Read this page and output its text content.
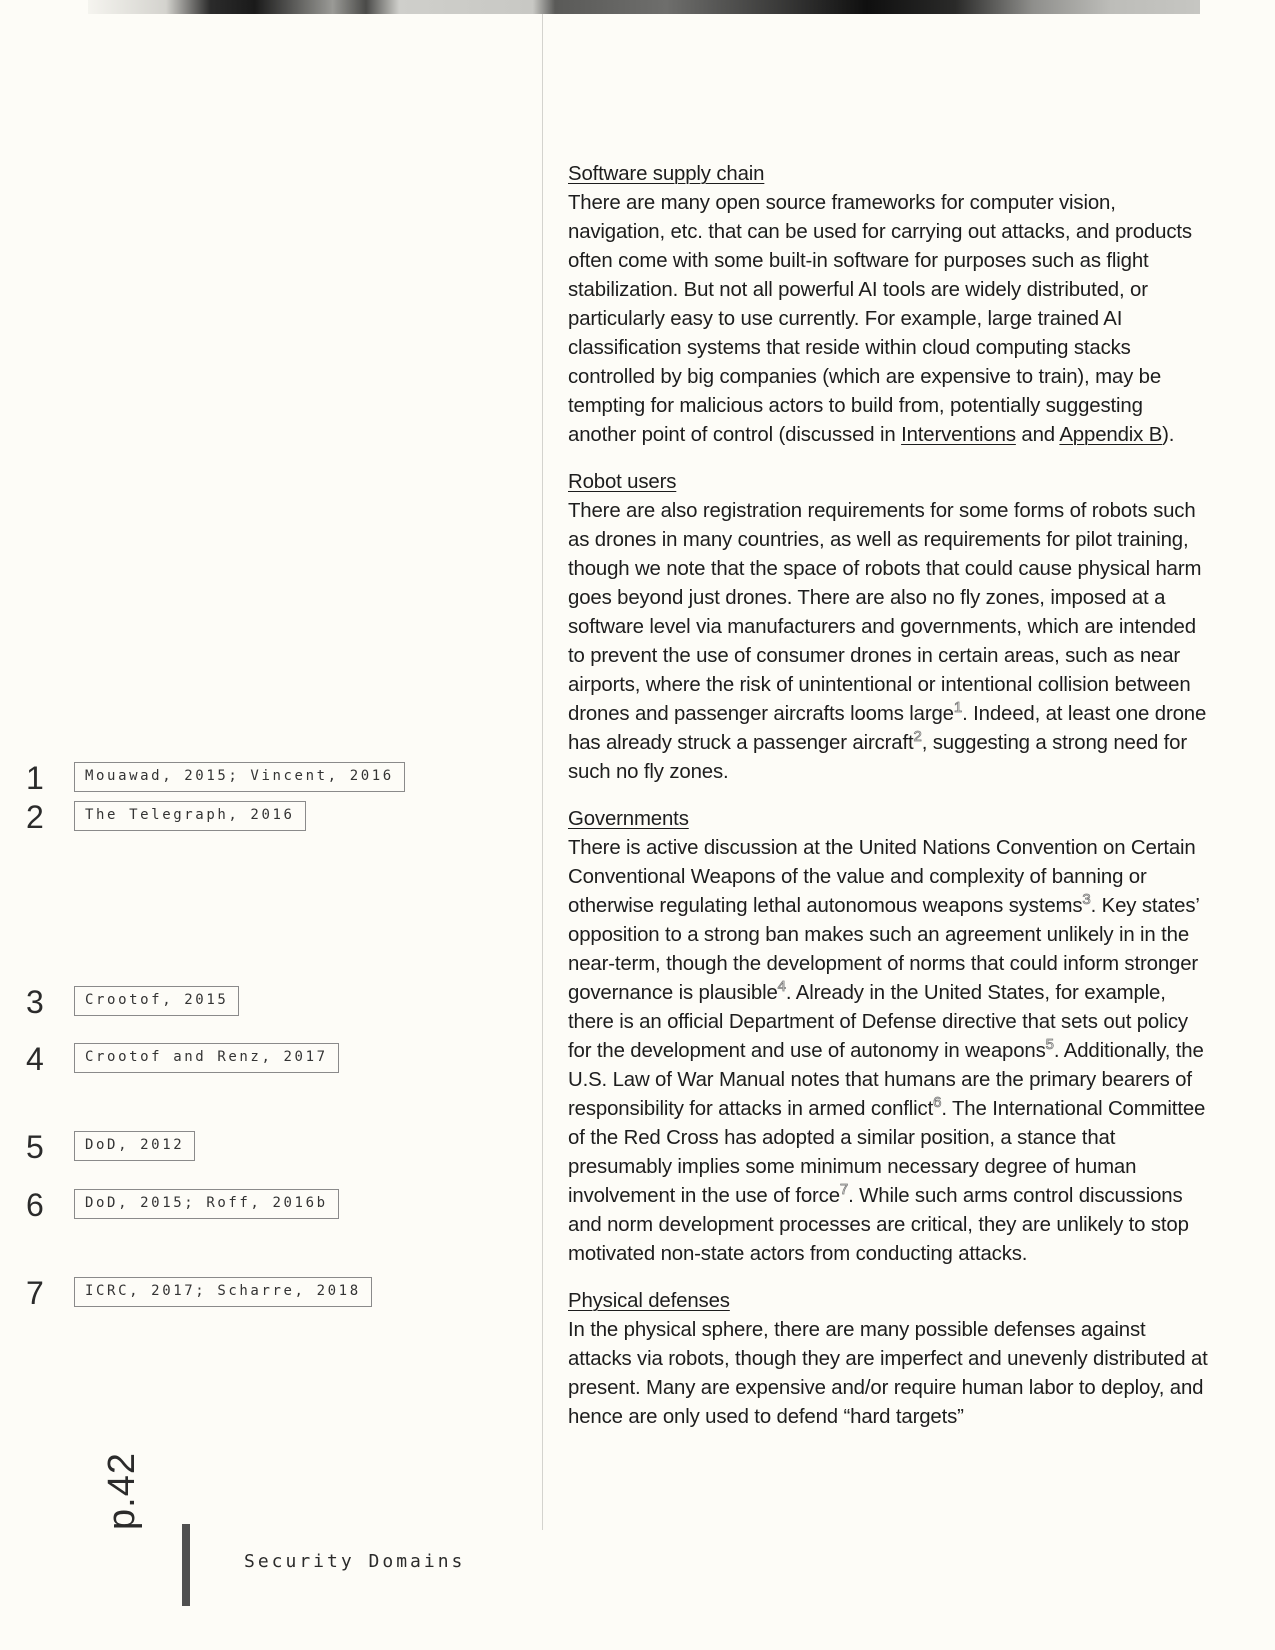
Software supply chain

There are many open source frameworks for computer vision, navigation, etc. that can be used for carrying out attacks, and products often come with some built-in software for purposes such as flight stabilization. But not all powerful AI tools are widely distributed, or particularly easy to use currently. For example, large trained AI classification systems that reside within cloud computing stacks controlled by big companies (which are expensive to train), may be tempting for malicious actors to build from, potentially suggesting another point of control (discussed in Interventions and Appendix B).

Robot users

There are also registration requirements for some forms of robots such as drones in many countries, as well as requirements for pilot training, though we note that the space of robots that could cause physical harm goes beyond just drones. There are also no fly zones, imposed at a software level via manufacturers and governments, which are intended to prevent the use of consumer drones in certain areas, such as near airports, where the risk of unintentional or intentional collision between drones and passenger aircrafts looms large$^1$. Indeed, at least one drone has already struck a passenger aircraft$^2$, suggesting a strong need for such no fly zones.

Governments

There is active discussion at the United Nations Convention on Certain Conventional Weapons of the value and complexity of banning or otherwise regulating lethal autonomous weapons systems$^3$. Key states’ opposition to a strong ban makes such an agreement unlikely in in the near-term, though the development of norms that could inform stronger governance is plausible$^4$. Already in the United States, for example, there is an official Department of Defense directive that sets out policy for the development and use of autonomy in weapons$^5$. Additionally, the U.S. Law of War Manual notes that humans are the primary bearers of responsibility for attacks in armed conflict$^6$. The International Committee of the Red Cross has adopted a similar position, a stance that presumably implies some minimum necessary degree of human involvement in the use of force$^7$. While such arms control discussions and norm development processes are critical, they are unlikely to stop motivated non-state actors from conducting attacks.

Physical defenses

In the physical sphere, there are many possible defenses against attacks via robots, though they are imperfect and unevenly distributed at present. Many are expensive and/or require human labor to deploy, and hence are only used to defend “hard targets”

1	Mouawad, 2015; Vincent, 2016
2	The Telegraph, 2016
3	Crootof, 2015
4	Crootof and Renz, 2017
5	DoD, 2012
6	DoD, 2015; Roff, 2016b
7	ICRC, 2017; Scharre, 2018
p.42
Security Domains
